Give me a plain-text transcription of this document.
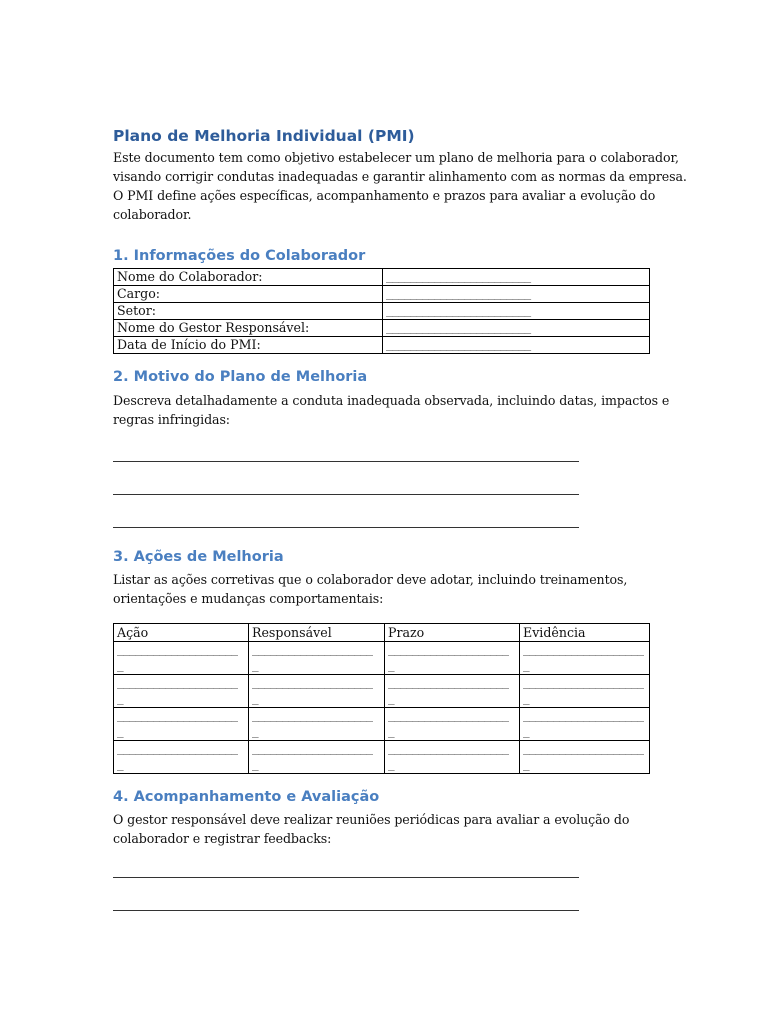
Plano de Melhoria Individual (PMI)
Este documento tem como objetivo estabelecer um plano de melhoria para o colaborador,
visando corrigir condutas inadequadas e garantir alinhamento com as normas da empresa.
O PMI define ações específicas, acompanhamento e prazos para avaliar a evolução do
colaborador.
1. Informações do Colaborador
Nome do Colaborador:	________________________
Cargo:	________________________
Setor:	________________________
Nome do Gestor Responsável:	________________________
Data de Início do PMI:	________________________
2. Motivo do Plano de Melhoria
Descreva detalhadamente a conduta inadequada observada, incluindo datas, impactos e
regras infringidas:
3. Ações de Melhoria
Listar as ações corretivas que o colaborador deve adotar, incluindo treinamentos,
orientações e mudanças comportamentais:
Ação	Responsável	Prazo	Evidência
____________________ _	____________________ _	____________________ _	____________________ _
____________________ _	____________________ _	____________________ _	____________________ _
____________________ _	____________________ _	____________________ _	____________________ _
____________________ _	____________________ _	____________________ _	____________________ _
4. Acompanhamento e Avaliação
O gestor responsável deve realizar reuniões periódicas para avaliar a evolução do
colaborador e registrar feedbacks:
